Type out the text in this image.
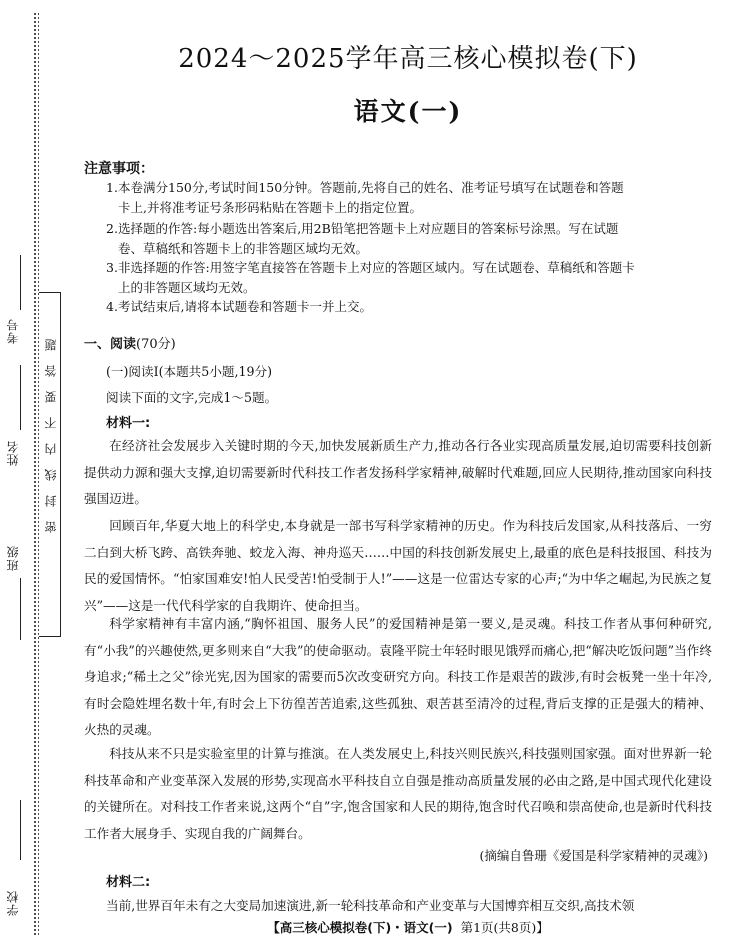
学校
班级
姓名
考号 密封线内不要答题
2024～2025学年高三核心模拟卷(下)
语文(一)
注意事项：
1.本卷满分150分,考试时间150分钟。答题前,先将自己的姓名、准考证号填写在试题卷和答题
卡上,并将准考证号条形码粘贴在答题卡上的指定位置。
2.选择题的作答:每小题选出答案后,用2B铅笔把答题卡上对应题目的答案标号涂黑。写在试题
卷、草稿纸和答题卡上的非答题区域均无效。
3.非选择题的作答:用签字笔直接答在答题卡上对应的答题区域内。写在试题卷、草稿纸和答题卡
上的非答题区域均无效。
4.考试结束后,请将本试题卷和答题卡一并上交。
一、阅读(70分)
(一)阅读Ⅰ(本题共5小题,19分)
阅读下面的文字,完成1～5题。
材料一:
在经济社会发展步入关键时期的今天,加快发展新质生产力,推动各行各业实现高质量发展,迫切需要科技创新提供动力源和强大支撑,迫切需要新时代科技工作者发扬科学家精神,破解时代难题,回应人民期待,推动国家向科技强国迈进。
回顾百年,华夏大地上的科学史,本身就是一部书写科学家精神的历史。作为科技后发国家,从科技落后、一穷二白到大桥飞跨、高铁奔驰、蛟龙入海、神舟巡天……中国的科技创新发展史上,最重的底色是科技报国、科技为民的爱国情怀。“怕家国难安!怕人民受苦!怕受制于人!”——这是一位雷达专家的心声;“为中华之崛起,为民族之复兴”——这是一代代科学家的自我期许、使命担当。
科学家精神有丰富内涵,“胸怀祖国、服务人民”的爱国精神是第一要义,是灵魂。科技工作者从事何种研究,有“小我”的兴趣使然,更多则来自“大我”的使命驱动。袁隆平院士年轻时眼见饿殍而痛心,把“解决吃饭问题”当作终身追求;“稀土之父”徐光宪,因为国家的需要而5次改变研究方向。科技工作是艰苦的跋涉,有时会板凳一坐十年冷,有时会隐姓埋名数十年,有时会上下彷徨苦苦追索,这些孤独、艰苦甚至清冷的过程,背后支撑的正是强大的精神、火热的灵魂。
科技从来不只是实验室里的计算与推演。在人类发展史上,科技兴则民族兴,科技强则国家强。面对世界新一轮科技革命和产业变革深入发展的形势,实现高水平科技自立自强是推动高质量发展的必由之路,是中国式现代化建设的关键所在。对科技工作者来说,这两个“自”字,饱含国家和人民的期待,饱含时代召唤和崇高使命,也是新时代科技工作者大展身手、实现自我的广阔舞台。
(摘编自鲁珊《爱国是科学家精神的灵魂》)
材料二:
当前,世界百年未有之大变局加速演进,新一轮科技革命和产业变革与大国博弈相互交织,高技术领
【高三核心模拟卷(下)・语文(一) 第1页(共8页)】
